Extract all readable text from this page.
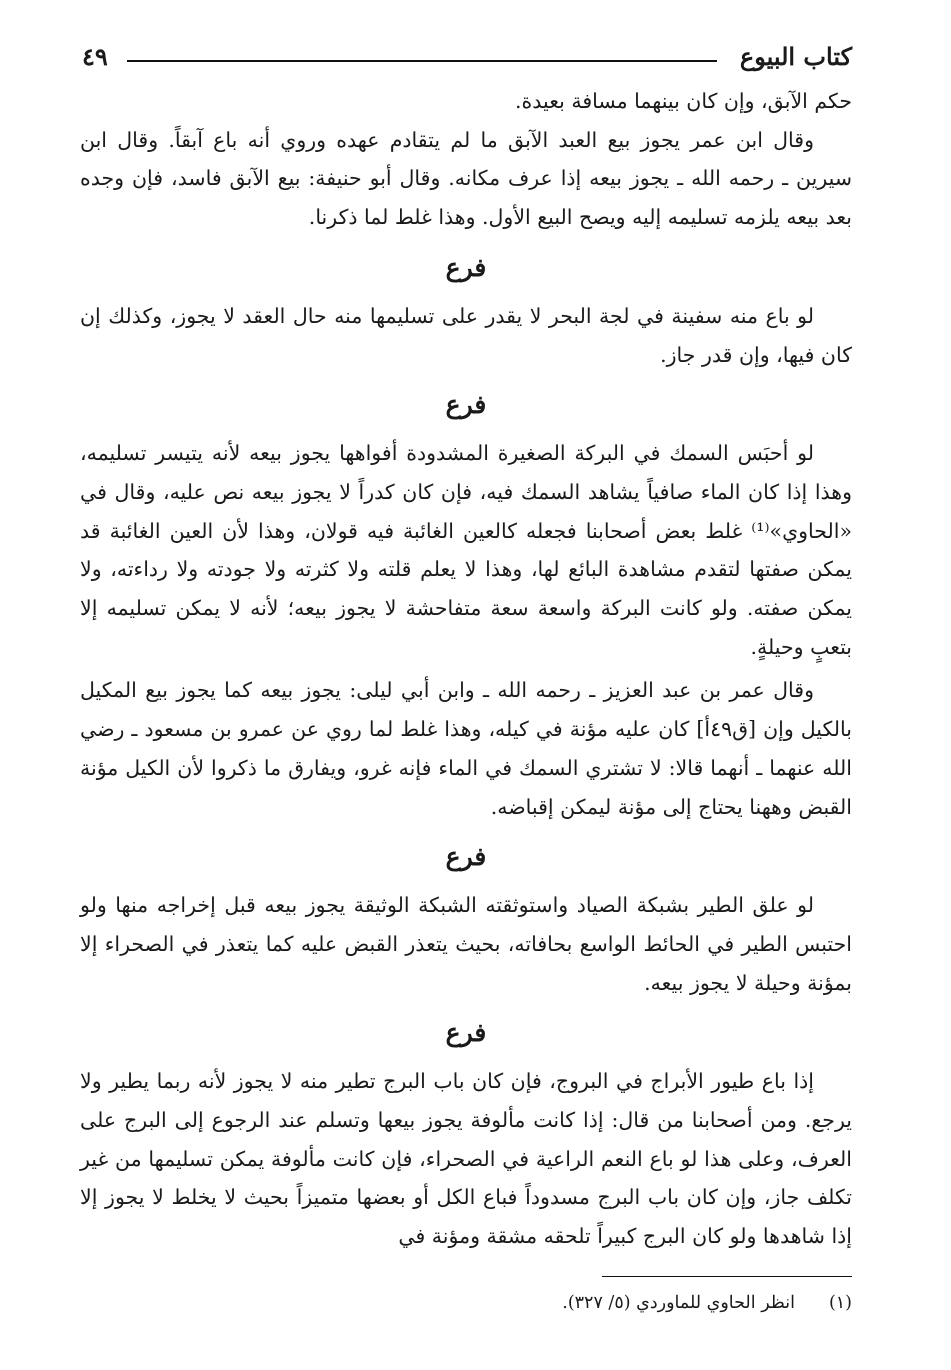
كتاب البيوع
٤٩

حكم الآبق، وإن كان بينهما مسافة بعيدة.

وقال ابن عمر يجوز بيع العبد الآبق ما لم يتقادم عهده وروي أنه باع آبقاً. وقال ابن سيرين ـ رحمه الله ـ يجوز بيعه إذا عرف مكانه. وقال أبو حنيفة: بيع الآبق فاسد، فإن وجده بعد بيعه يلزمه تسليمه إليه ويصح البيع الأول. وهذا غلط لما ذكرنا.

فرع

لو باع منه سفينة في لجة البحر لا يقدر على تسليمها منه حال العقد لا يجوز، وكذلك إن كان فيها، وإن قدر جاز.

فرع

لو أحبَس السمك في البركة الصغيرة المشدودة أفواهها يجوز بيعه لأنه يتيسر تسليمه، وهذا إذا كان الماء صافياً يشاهد السمك فيه، فإن كان كدراً لا يجوز بيعه نص عليه، وقال في «الحاوي»⁽¹⁾ غلط بعض أصحابنا فجعله كالعين الغائبة فيه قولان، وهذا لأن العين الغائبة قد يمكن صفتها لتقدم مشاهدة البائع لها، وهذا لا يعلم قلته ولا كثرته ولا جودته ولا رداءته، ولا يمكن صفته. ولو كانت البركة واسعة سعة متفاحشة لا يجوز بيعه؛ لأنه لا يمكن تسليمه إلا بتعبٍ وحيلةٍ.

وقال عمر بن عبد العزيز ـ رحمه الله ـ وابن أبي ليلى: يجوز بيعه كما يجوز بيع المكيل بالكيل وإن [ق٤٩أ] كان عليه مؤنة في كيله، وهذا غلط لما روي عن عمرو بن مسعود ـ رضي الله عنهما ـ أنهما قالا: لا تشتري السمك في الماء فإنه غرو، ويفارق ما ذكروا لأن الكيل مؤنة القبض وههنا يحتاج إلى مؤنة ليمكن إقباضه.

فرع

لو علق الطير بشبكة الصياد واستوثقته الشبكة الوثيقة يجوز بيعه قبل إخراجه منها ولو احتبس الطير في الحائط الواسع بحافاته، بحيث يتعذر القبض عليه كما يتعذر في الصحراء إلا بمؤنة وحيلة لا يجوز بيعه.

فرع

إذا باع طيور الأبراج في البروج، فإن كان باب البرج تطير منه لا يجوز لأنه ربما يطير ولا يرجع. ومن أصحابنا من قال: إذا كانت مألوفة يجوز بيعها وتسلم عند الرجوع إلى البرج على العرف، وعلى هذا لو باع النعم الراعية في الصحراء، فإن كانت مألوفة يمكن تسليمها من غير تكلف جاز، وإن كان باب البرج مسدوداً فباع الكل أو بعضها متميزاً بحيث لا يخلط لا يجوز إلا إذا شاهدها ولو كان البرج كبيراً تلحقه مشقة ومؤنة في

(١)انظر الحاوي للماوردي (٥/ ٣٢٧).
